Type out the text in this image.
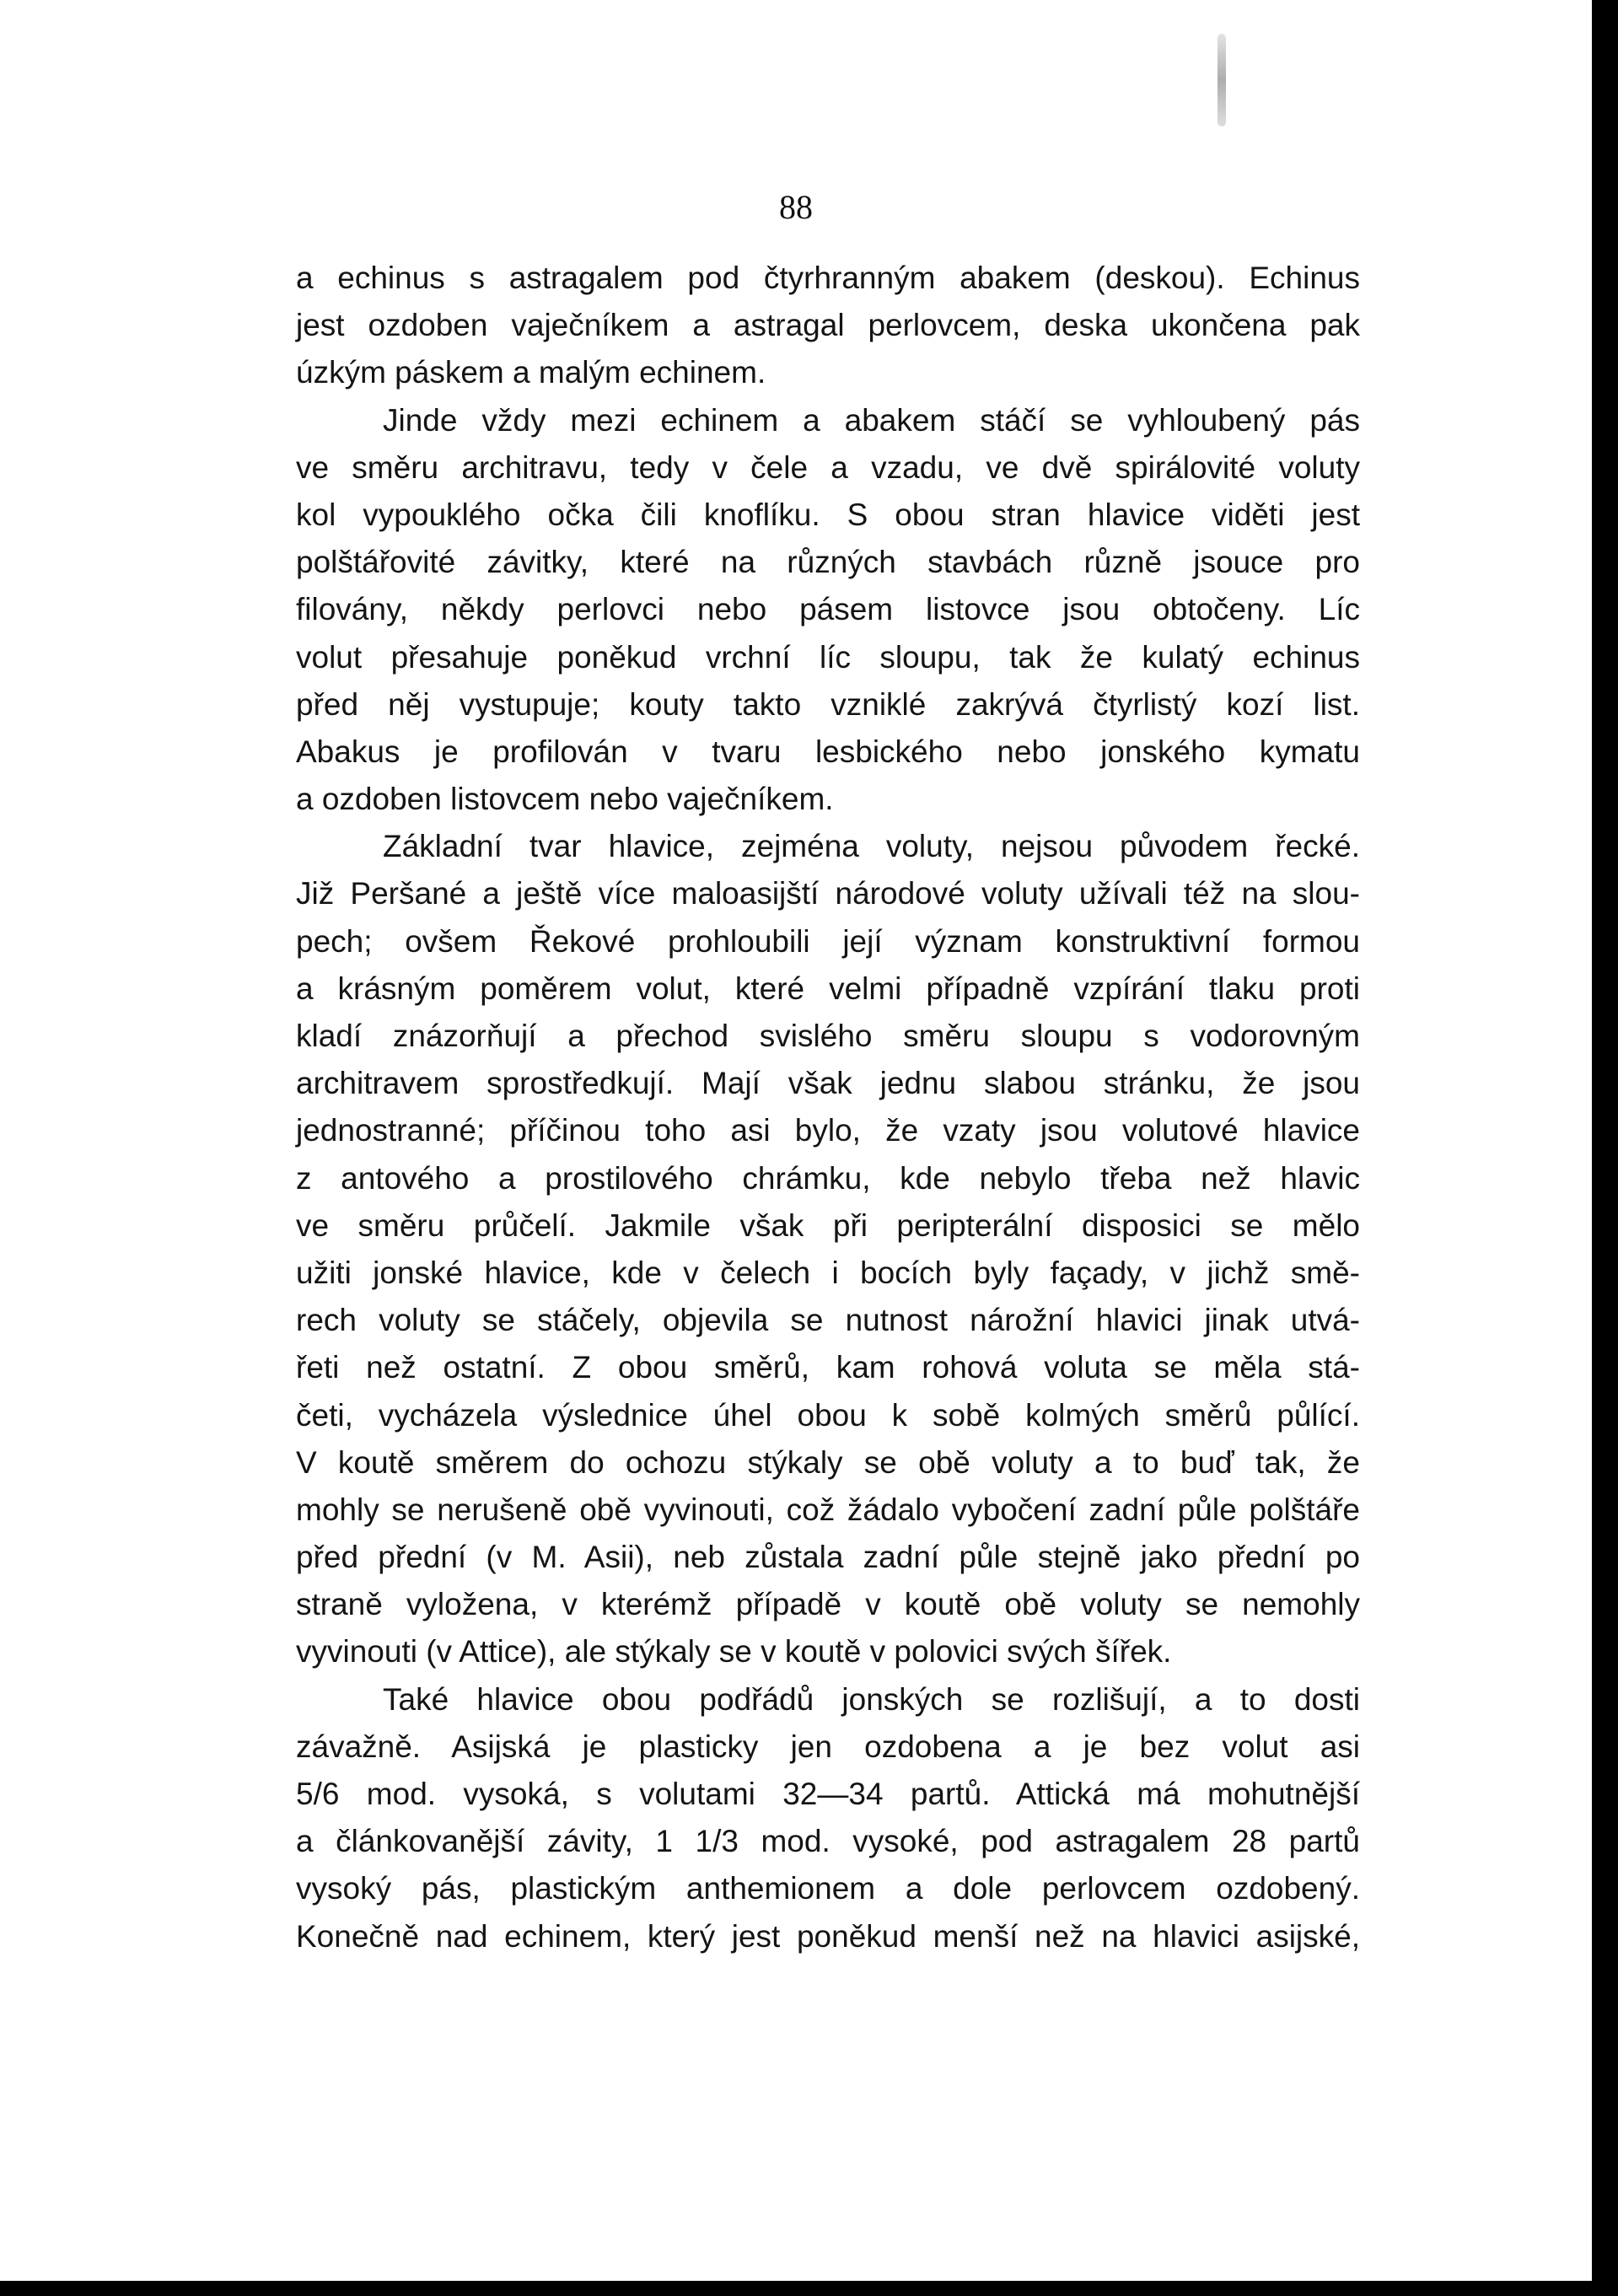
88
a echinus s astragalem pod čtyrhranným abakem (deskou). Echinus
jest ozdoben vaječníkem a astragal perlovcem, deska ukončena pak
úzkým páskem a malým echinem.
Jinde vždy mezi echinem a abakem stáčí se vyhloubený pás
ve směru architravu, tedy v čele a vzadu, ve dvě spirálovité voluty
kol vypouklého očka čili knoflíku. S obou stran hlavice viděti jest
polštářovité závitky, které na různých stavbách různě jsouce pro
filovány, někdy perlovci nebo pásem listovce jsou obtočeny. Líc
volut přesahuje poněkud vrchní líc sloupu, tak že kulatý echinus
před něj vystupuje; kouty takto vzniklé zakrývá čtyrlistý kozí list.
Abakus je profilován v tvaru lesbického nebo jonského kymatu
a ozdoben listovcem nebo vaječníkem.
Základní tvar hlavice, zejména voluty, nejsou původem řecké.
Již Peršané a ještě více maloasijští národové voluty užívali též na slou-
pech; ovšem Řekové prohloubili její význam konstruktivní formou
a krásným poměrem volut, které velmi případně vzpírání tlaku proti
kladí znázorňují a přechod svislého směru sloupu s vodorovným
architravem sprostředkují. Mají však jednu slabou stránku, že jsou
jednostranné; příčinou toho asi bylo, že vzaty jsou volutové hlavice
z antového a prostilového chrámku, kde nebylo třeba než hlavic
ve směru průčelí. Jakmile však při peripterální disposici se mělo
užiti jonské hlavice, kde v čelech i bocích byly façady, v jichž smě-
rech voluty se stáčely, objevila se nutnost nárožní hlavici jinak utvá-
řeti než ostatní. Z obou směrů, kam rohová voluta se měla stá-
četi, vycházela výslednice úhel obou k sobě kolmých směrů půlící.
V koutě směrem do ochozu stýkaly se obě voluty a to buď tak, že
mohly se nerušeně obě vyvinouti, což žádalo vybočení zadní půle polštáře
před přední (v M. Asii), neb zůstala zadní půle stejně jako přední po
straně vyložena, v kterémž případě v koutě obě voluty se nemohly
vyvinouti (v Attice), ale stýkaly se v koutě v polovici svých šířek.
Také hlavice obou podřádů jonských se rozlišují, a to dosti
závažně. Asijská je plasticky jen ozdobena a je bez volut asi
5/6 mod. vysoká, s volutami 32—34 partů. Attická má mohutnější
a článkovanější závity, 1 1/3 mod. vysoké, pod astragalem 28 partů
vysoký pás, plastickým anthemionem a dole perlovcem ozdobený.
Konečně nad echinem, který jest poněkud menší než na hlavici asijské,
